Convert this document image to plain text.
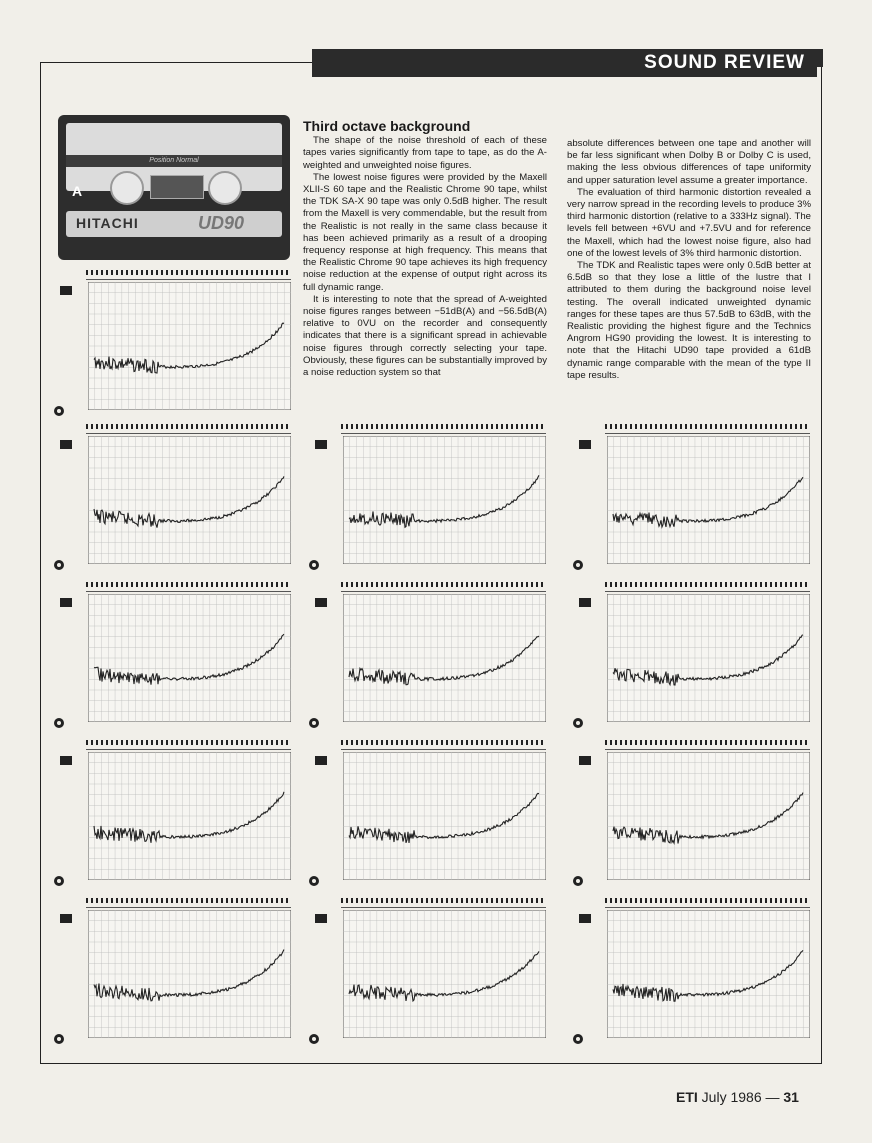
SOUND REVIEW
Position Normal
A
HITACHI	UD90
Third octave background

The shape of the noise threshold of each of these tapes varies significantly from tape to tape, as do the A-weighted and unweighted noise figures.

The lowest noise figures were provided by the Maxell XLII-S 60 tape and the Realistic Chrome 90 tape, whilst the TDK SA-X 90 tape was only 0.5dB higher. The result from the Maxell is very commendable, but the result from the Realistic is not really in the same class because it has been achieved primarily as a result of a drooping frequency response at high frequency. This means that the Realistic Chrome 90 tape achieves its high frequency noise reduction at the expense of output right across its full dynamic range.

It is interesting to note that the spread of A-weighted noise figures ranges between −51dB(A) and −56.5dB(A) relative to 0VU on the recorder and consequently indicates that there is a significant spread in achievable noise figures through correctly selecting your tape. Obviously, these figures can be substantially improved by a noise reduction system so that

absolute differences between one tape and another will be far less significant when Dolby B or Dolby C is used, making the less obvious differences of tape uniformity and upper saturation level assume a greater importance.

The evaluation of third harmonic distortion revealed a very narrow spread in the recording levels to produce 3% third harmonic distortion (relative to a 333Hz signal). The levels fell between +6VU and +7.5VU and for reference the Maxell, which had the lowest noise figure, also had one of the lowest levels of 3% third harmonic distortion.

The TDK and Realistic tapes were only 0.5dB better at 6.5dB so that they lose a little of the lustre that I attributed to them during the background noise level testing. The overall indicated unweighted dynamic ranges for these tapes are thus 57.5dB to 63dB, with the Realistic providing the highest figure and the Technics Angrom HG90 providing the lowest. It is interesting to note that the Hitachi UD90 tape provided a 61dB dynamic range comparable with the mean of the type II tape results.

ETI July 1986 — 31
